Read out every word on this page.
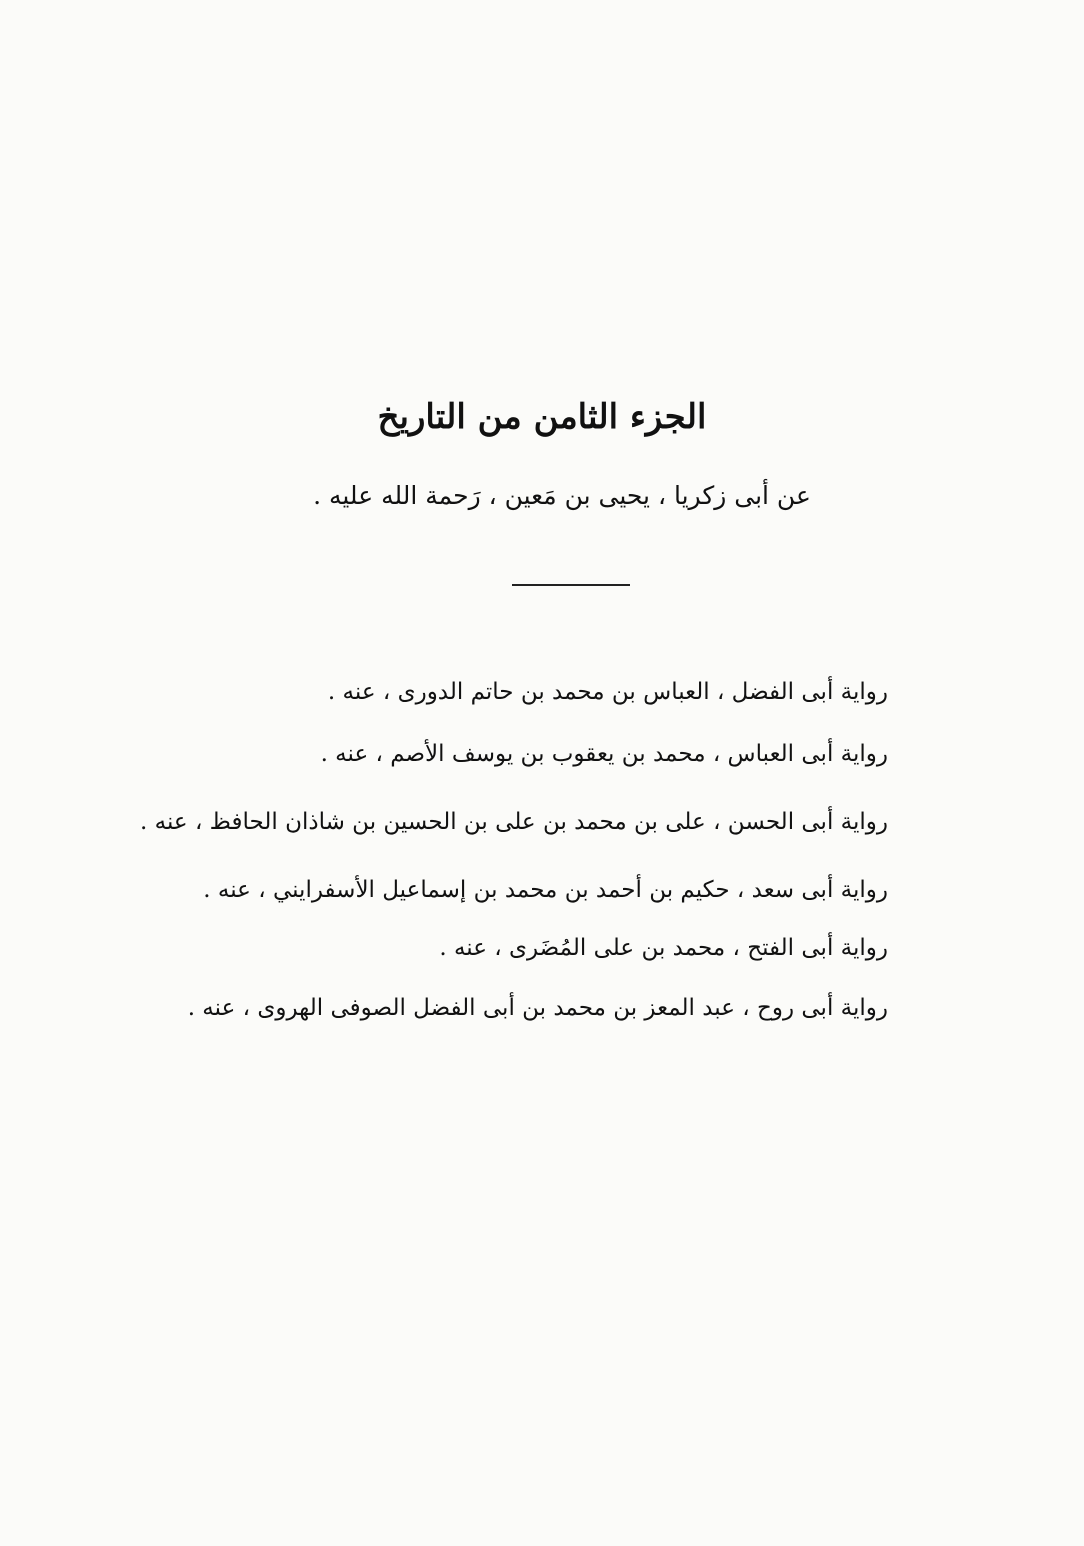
الجزء الثامن من التاريخ

عن أبى زكريا ، يحيى بن مَعين ، رَحمة الله عليه .

رواية أبى الفضل ، العباس بن محمد بن حاتم الدورى ، عنه .
رواية أبى العباس ، محمد بن يعقوب بن يوسف الأصم ، عنه .
رواية أبى الحسن ، على بن محمد بن على بن الحسين بن شاذان الحافظ ، عنه .
رواية أبى سعد ، حكيم بن أحمد بن محمد بن إسماعيل الأسفرايني ، عنه .
رواية أبى الفتح ، محمد بن على المُضَرى ، عنه .
رواية أبى روح ، عبد المعز بن محمد بن أبى الفضل الصوفى الهروى ، عنه .
